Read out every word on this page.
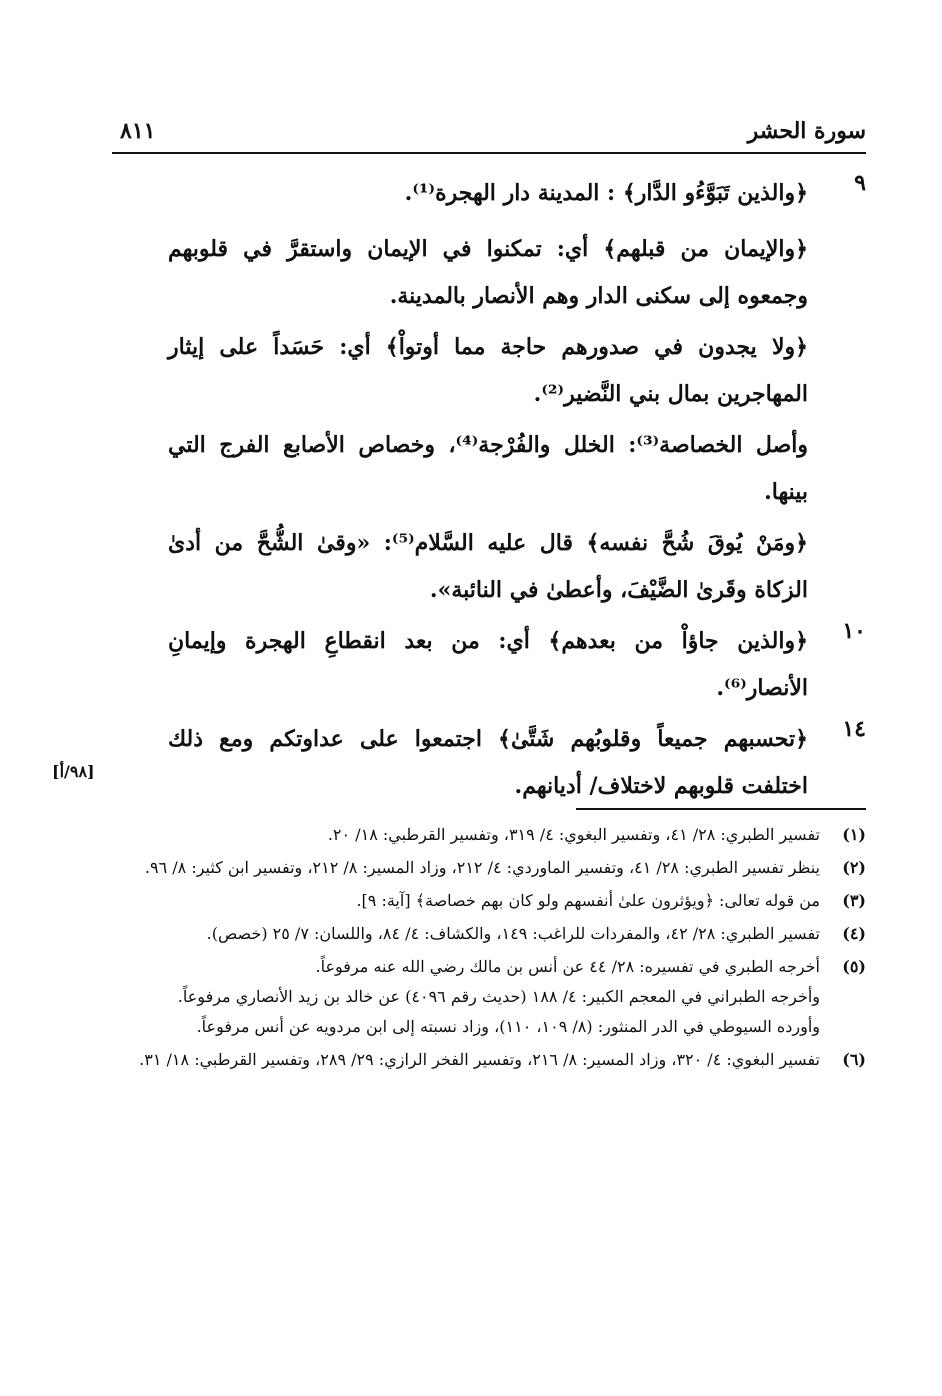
سورة الحشر
٨١١
٩
﴿والذين تَبَوَّءُو الدَّار﴾ : المدينة دار الهجرة⁽¹⁾.
﴿والإيمان من قبلهم﴾ أي: تمكنوا في الإيمان واستقرَّ في قلوبهم وجمعوه إلى سكنى الدار وهم الأنصار بالمدينة.
﴿ولا يجدون في صدورهم حاجة مما أوتواْ﴾ أي: حَسَداً على إيثار المهاجرين بمال بني النَّضير⁽²⁾.
وأصل الخصاصة⁽³⁾: الخلل والفُرْجة⁽⁴⁾، وخصاص الأصابع الفرج التي بينها.
﴿ومَنْ يُوقَ شُحَّ نفسه﴾ قال عليه السَّلام⁽⁵⁾: «وقىٰ الشُّحَّ من أدىٰ الزكاة وقَرىٰ الضَّيْفَ، وأعطىٰ في النائبة».
١٠
﴿والذين جاؤاْ من بعدهم﴾ أي: من بعد انقطاعِ الهجرة وإيمانِ الأنصار⁽⁶⁾.
١٤
﴿تحسبهم جميعاً وقلوبُهم شَتَّىٰ﴾ اجتمعوا على عداوتكم ومع ذلك اختلفت قلوبهم لاختلاف/ أديانهم.
[٩٨/أ]
(١)
تفسير الطبري: ٢٨/ ٤١، وتفسير البغوي: ٤/ ٣١٩، وتفسير القرطبي: ١٨/ ٢٠.
(٢)
ينظر تفسير الطبري: ٢٨/ ٤١، وتفسير الماوردي: ٤/ ٢١٢، وزاد المسير: ٨/ ٢١٢، وتفسير ابن كثير: ٨/ ٩٦.
(٣)
من قوله تعالى: ﴿ويؤثرون علىٰ أنفسهم ولو كان بهم خصاصة﴾ [آية: ٩].
(٤)
تفسير الطبري: ٢٨/ ٤٢، والمفردات للراغب: ١٤٩، والكشاف: ٤/ ٨٤، واللسان: ٧/ ٢٥ (خصص).
(٥)
أخرجه الطبري في تفسيره: ٢٨/ ٤٤ عن أنس بن مالك رضي الله عنه مرفوعاً.
وأخرجه الطبراني في المعجم الكبير: ٤/ ١٨٨ (حديث رقم ٤٠٩٦) عن خالد بن زيد الأنصاري مرفوعاً.
وأورده السيوطي في الدر المنثور: (٨/ ١٠٩، ١١٠)، وزاد نسبته إلى ابن مردويه عن أنس مرفوعاً.
(٦)
تفسير البغوي: ٤/ ٣٢٠، وزاد المسير: ٨/ ٢١٦، وتفسير الفخر الرازي: ٢٩/ ٢٨٩، وتفسير القرطبي: ١٨/ ٣١.
